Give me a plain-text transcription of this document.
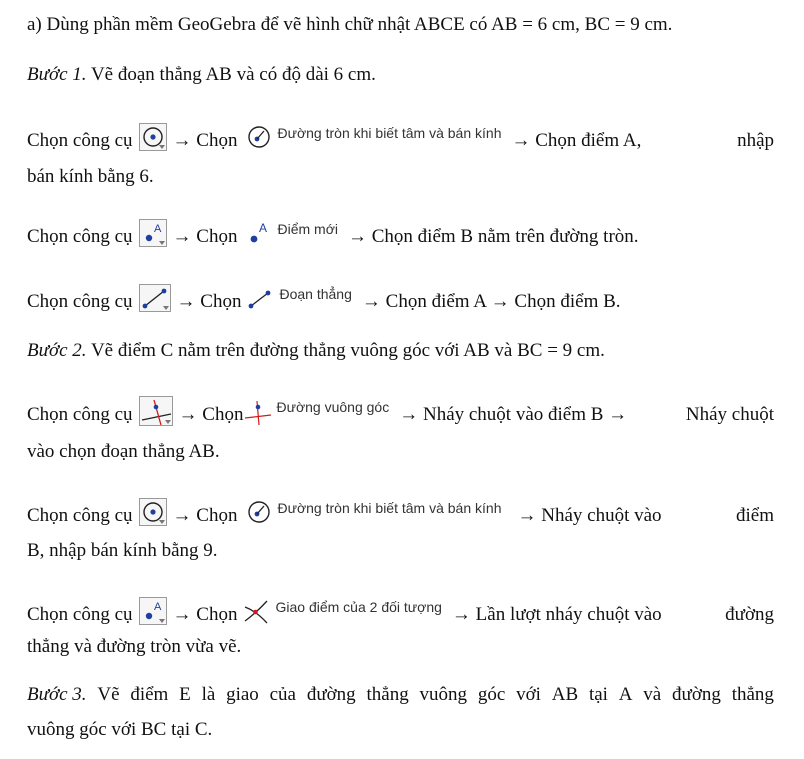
a) Dùng phần mềm GeoGebra để vẽ hình chữ nhật ABCE có AB = 6 cm, BC = 9 cm.
Bước 1. Vẽ đoạn thẳng AB và có độ dài 6 cm.
Chọn công cụ → Chọn	Đường tròn khi biết tâm và bán kính → Chọn điểm A,	nhập
bán kính bằng 6.
Chọn công cụ A → Chọn A Điểm mới → Chọn điểm B nằm trên đường tròn.
Chọn công cụ → Chọn	Đoạn thẳng → Chọn điểm A → Chọn điểm B.
Bước 2. Vẽ điểm C nằm trên đường thẳng vuông góc với AB và BC = 9 cm.
Chọn công cụ → Chọn Đường vuông góc → Nháy chuột vào điểm B →	Nháy chuột
vào chọn đoạn thẳng AB.
Chọn công cụ → Chọn	Đường tròn khi biết tâm và bán kính → Nháy chuột vào	điểm
B, nhập bán kính bằng 9.
Chọn công cụ A → Chọn	Giao điểm của 2 đối tượng → Lần lượt nháy chuột vào	đường
thẳng và đường tròn vừa vẽ.
Bước 3. Vẽ điểm E là giao của đường thẳng vuông góc với AB tại A và đường thẳng
vuông góc với BC tại C.
